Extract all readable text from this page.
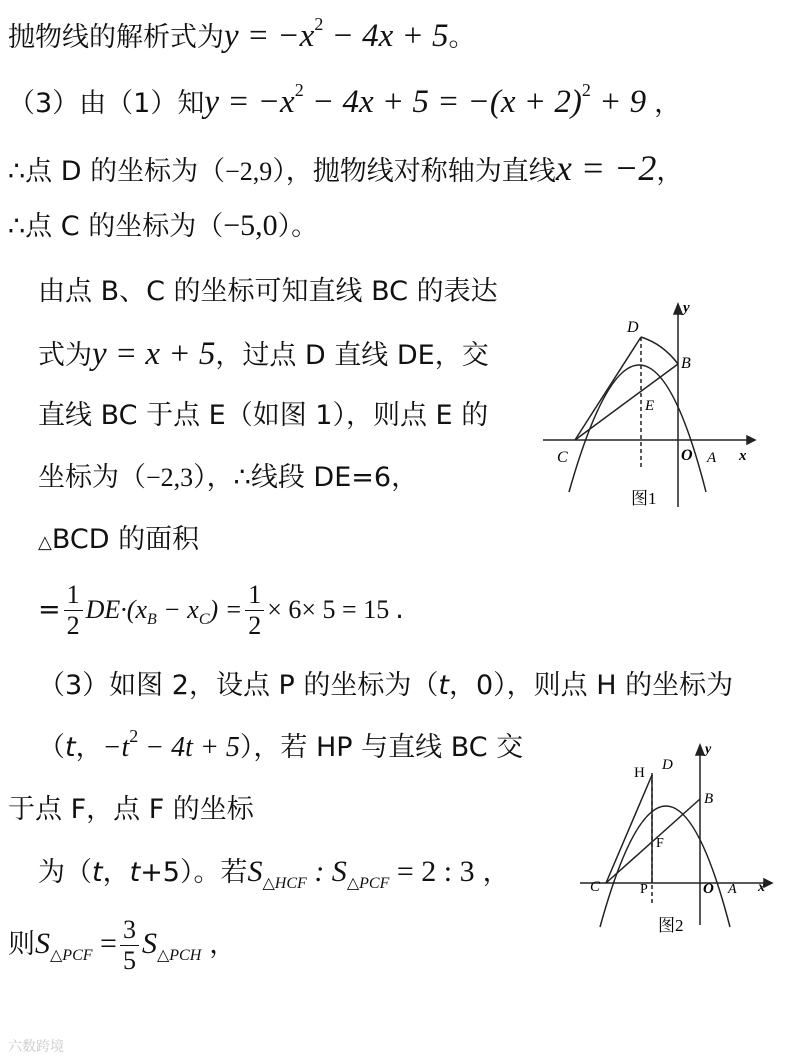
抛物线的解析式为$y = -x^2 - 4x + 5$。
（3）由（1）知$y = -x^2 - 4x + 5 = -(x + 2)^2 + 9$ ，
∴点 D 的坐标为（−2,9），抛物线对称轴为直线x = −2，
∴点 C 的坐标为（−5,0）。
由点 B、C 的坐标可知直线 BC 的表达
式为y = x + 5，过点 D 直线 DE，交
直线 BC 于点 E（如图 1），则点 E 的
坐标为（−2,3），∴线段 DE=6，
△BCD 的面积
= $\frac{1}{2} DE\cdot(x_B - x_C) = \frac{1}{2} \times 6\times 5 = 15$ .
（3）如图 2，设点 P 的坐标为（t，0），则点 H 的坐标为
（t，$-t^2 - 4t + 5$），若 HP 与直线 BC 交
于点 F，点 F 的坐标
为（t，t+5）。若$S_{\triangle HCF}$ : $S_{\triangle PCF} = 2$ : 3 ，
则$S_{\triangle PCF} = \frac{3}{5} S_{\triangle PCH}$ ，
D
B
E
C	O A x
y
图1
H D
B
F
C	P	O A x
y
图2
六数跨境
